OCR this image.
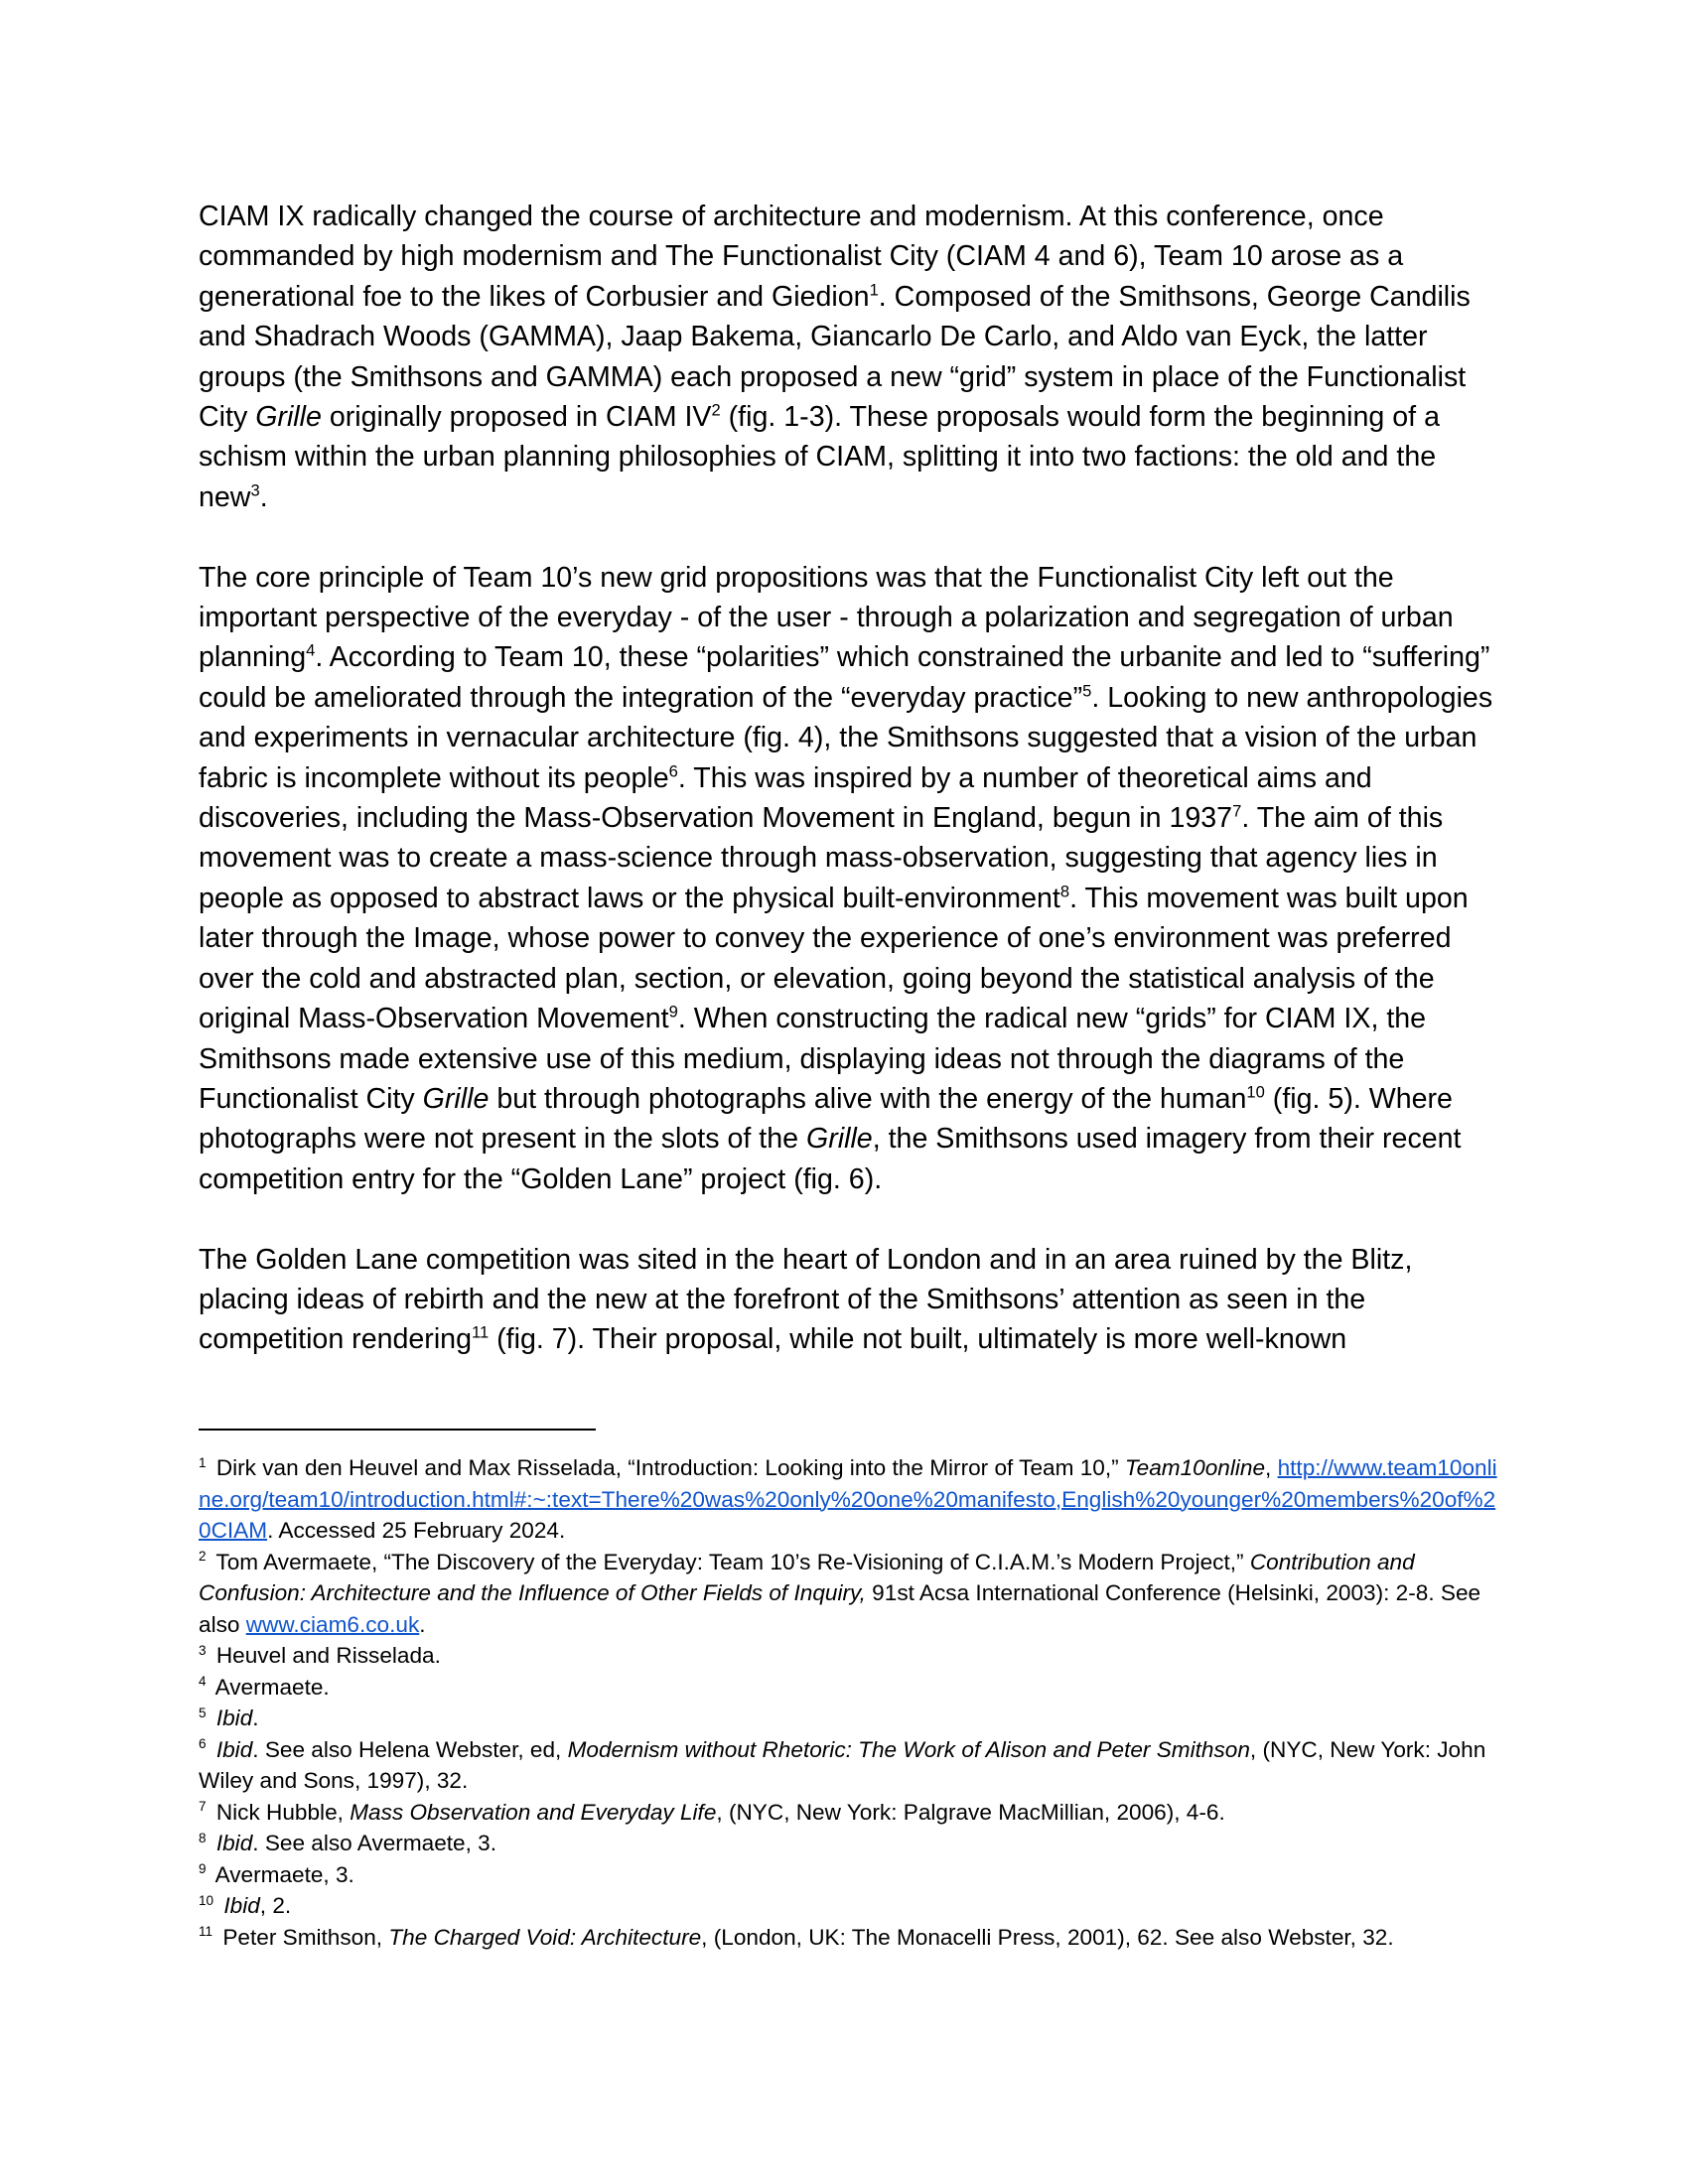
CIAM IX radically changed the course of architecture and modernism. At this conference, once commanded by high modernism and The Functionalist City (CIAM 4 and 6), Team 10 arose as a generational foe to the likes of Corbusier and Giedion$^1$. Composed of the Smithsons, George Candilis and Shadrach Woods (GAMMA), Jaap Bakema, Giancarlo De Carlo, and Aldo van Eyck, the latter groups (the Smithsons and GAMMA) each proposed a new “grid” system in place of the Functionalist City Grille originally proposed in CIAM $IV^2$ (fig. 1-3). These proposals would form the beginning of a schism within the urban planning philosophies of CIAM, splitting it into two factions: the old and the new$^3$.

The core principle of Team 10’s new grid propositions was that the Functionalist City left out the important perspective of the everyday - of the user - through a polarization and segregation of urban planning$^4$. According to Team 10, these “polarities” which constrained the urbanite and led to “suffering” could be ameliorated through the integration of the “everyday practice”$^5$. Looking to new anthropologies and experiments in vernacular architecture (fig. 4), the Smithsons suggested that a vision of the urban fabric is incomplete without its people$^6$. This was inspired by a number of theoretical aims and discoveries, including the Mass-Observation Movement in England, begun in 1937$^7$. The aim of this movement was to create a mass-science through mass-observation, suggesting that agency lies in people as opposed to abstract laws or the physical built-environment$^8$. This movement was built upon later through the Image, whose power to convey the experience of one’s environment was preferred over the cold and abstracted plan, section, or elevation, going beyond the statistical analysis of the original Mass-Observation Movement$^9$. When constructing the radical new “grids” for CIAM IX, the Smithsons made extensive use of this medium, displaying ideas not through the diagrams of the Functionalist City Grille but through photographs alive with the energy of the human$^{10}$ (fig. 5). Where photographs were not present in the slots of the Grille, the Smithsons used imagery from their recent competition entry for the “Golden Lane” project (fig. 6).

The Golden Lane competition was sited in the heart of London and in an area ruined by the Blitz, placing ideas of rebirth and the new at the forefront of the Smithsons’ attention as seen in the competition rendering$^{11}$ (fig. 7). Their proposal, while not built, ultimately is more well-known

$^1$ Dirk van den Heuvel and Max Risselada, “Introduction: Looking into the Mirror of Team 10,” Team10online, http://www.team10online.org/team10/introduction.html#:~:text=There%20was%20only%20one%20manifesto,English%20younger%20members%20of%20CIAM. Accessed 25 February 2024.

$^2$ Tom Avermaete, “The Discovery of the Everyday: Team 10’s Re-Visioning of C.I.A.M.’s Modern Project,” Contribution and Confusion: Architecture and the Influence of Other Fields of Inquiry, 91st Acsa International Conference (Helsinki, 2003): 2-8. See also www.ciam6.co.uk.

$^3$ Heuvel and Risselada.

$^4$ Avermaete.

$^5$ Ibid.

$^6$ Ibid. See also Helena Webster, ed, Modernism without Rhetoric: The Work of Alison and Peter Smithson, (NYC, New York: John Wiley and Sons, 1997), 32.

$^7$ Nick Hubble, Mass Observation and Everyday Life, (NYC, New York: Palgrave MacMillian, 2006), 4-6.

$^8$ Ibid. See also Avermaete, 3.

$^9$ Avermaete, 3.

$^{10}$ Ibid, 2.

$^{11}$ Peter Smithson, The Charged Void: Architecture, (London, UK: The Monacelli Press, 2001), 62. See also Webster, 32.
